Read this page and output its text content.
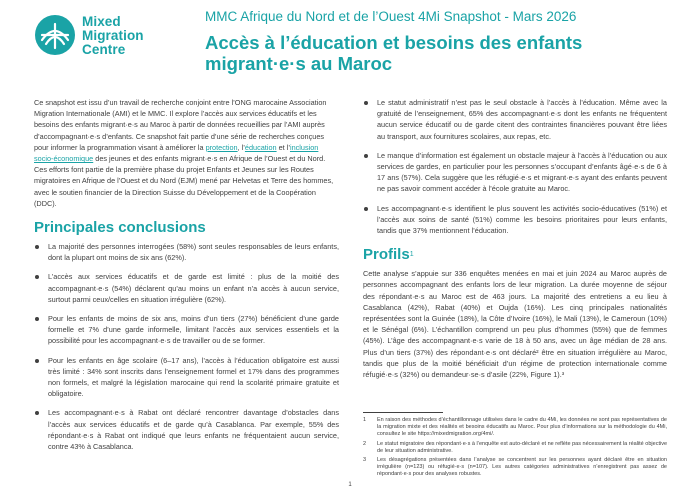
Mixed
Migration
Centre
MMC Afrique du Nord et de l’Ouest 4Mi Snapshot - Mars 2026
Accès à l’éducation et besoins des enfants migrant·e·s au Maroc

Ce snapshot est issu d’un travail de recherche conjoint entre l’ONG marocaine Association Migration Internationale (AMI) et le MMC. Il explore l’accès aux services éducatifs et les besoins des enfants migrant·e·s au Maroc à partir de données recueillies par l’AMI auprès d’accompagnant·e·s d’enfants. Ce snapshot fait partie d’une série de recherches conçues pour informer la programmation visant à améliorer la protection, l’éducation et l’inclusion socio-économique des jeunes et des enfants migrant·e·s en Afrique de l’Ouest et du Nord. Ces efforts font partie de la première phase du projet Enfants et Jeunes sur les Routes migratoires en Afrique de l’Ouest et du Nord (EJM) mené par Helvetas et Terre des hommes, avec le soutien financier de la Direction Suisse du Développement et de la Coopération (DDC).

Principales conclusions
La majorité des personnes interrogées (58%) sont seules responsables de leurs enfants, dont la plupart ont moins de six ans (62%).
L’accès aux services éducatifs et de garde est limité : plus de la moitié des accompagnant·e·s (54%) déclarent qu’au moins un enfant n’a accès à aucun service, surtout parmi ceux/celles en situation irrégulière (62%).
Pour les enfants de moins de six ans, moins d’un tiers (27%) bénéficient d’une garde formelle et 7% d’une garde informelle, limitant l’accès aux services essentiels et la possibilité pour les accompagnant·e·s de travailler ou de se former.
Pour les enfants en âge scolaire (6–17 ans), l’accès à l’éducation obligatoire est aussi très limité : 34% sont inscrits dans l’enseignement formel et 17% dans des programmes non formels, et malgré la législation marocaine qui rend la scolarité primaire gratuite et obligatoire.
Les accompagnant·e·s à Rabat ont déclaré rencontrer davantage d’obstacles dans l’accès aux services éducatifs et de garde qu’à Casablanca. Par exemple, 55% des répondant·e·s à Rabat ont indiqué que leurs enfants ne fréquentaient aucun service, contre 43% à Casablanca.
Le statut administratif n’est pas le seul obstacle à l’accès à l’éducation. Même avec la gratuité de l’enseignement, 65% des accompagnant·e·s dont les enfants ne fréquentent aucun service éducatif ou de garde citent des contraintes financières pouvant être liées au transport, aux fournitures scolaires, aux repas, etc.
Le manque d’information est également un obstacle majeur à l’accès à l’éducation ou aux services de gardes, en particulier pour les personnes s’occupant d’enfants âgé·e·s de 6 à 17 ans (57%). Cela suggère que les réfugié·e·s et migrant·e·s ayant des enfants peuvent ne pas savoir comment accéder à l’école gratuite au Maroc.
Les accompagnant·e·s identifient le plus souvent les activités socio-éducatives (51%) et l’accès aux soins de santé (51%) comme les besoins prioritaires pour leurs enfants, tandis que 37% mentionnent l’éducation.
Profils$^1$

Cette analyse s’appuie sur 336 enquêtes menées en mai et juin 2024 au Maroc auprès de personnes accompagnant des enfants lors de leur migration. La durée moyenne de séjour des répondant·e·s au Maroc est de 463 jours. La majorité des entretiens a eu lieu à Casablanca (42%), Rabat (40%) et Oujda (16%). Les cinq principales nationalités représentées sont la Guinée (18%), la Côte d’Ivoire (16%), le Mali (13%), le Cameroun (10%) et le Sénégal (6%). L’échantillon comprend un peu plus d’hommes (55%) que de femmes (45%). L’âge des accompagnant·e·s varie de 18 à 50 ans, avec un âge médian de 28 ans. Plus d’un tiers (37%) des répondant·e·s ont déclaré² être en situation irrégulière au Maroc, tandis que plus de la moitié bénéficiait d’un régime de protection internationale comme réfugié·e·s (32%) ou demandeur·se·s d’asile (22%, Figure 1).³

1 En raison des méthodes d’échantillonnage utilisées dans le cadre du 4Mi, les données ne sont pas représentatives de la migration mixte et des réalités et besoins éducatifs au Maroc. Pour plus d’informations sur la méthodologie du 4Mi, consultez le site https://mixedmigration.org/4mi/.
2 Le statut migratoire des répondant·e·s à l’enquête est auto-déclaré et ne reflète pas nécessairement la réalité objective de leur situation administrative.
3 Les désagrégations présentées dans l’analyse se concentrent sur les personnes ayant déclaré être en situation irrégulière (n=123) ou réfugié·e·s (n=107). Les autres catégories administratives n’enregistrent pas assez de répondant·e·s pour des analyses robustes.
1
